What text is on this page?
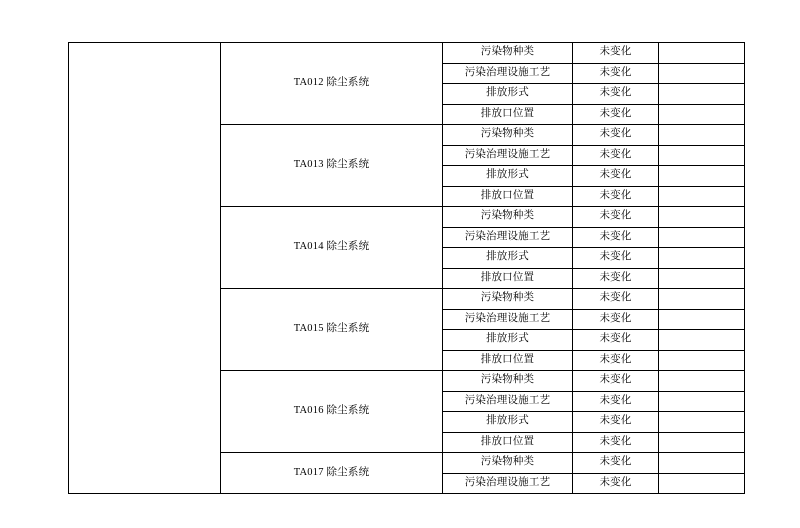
	TA012 除尘系统	污染物种类	未变化	
		污染治理设施工艺	未变化	
		排放形式	未变化	
		排放口位置	未变化	
	TA013 除尘系统	污染物种类	未变化	
		污染治理设施工艺	未变化	
		排放形式	未变化	
		排放口位置	未变化	
	TA014 除尘系统	污染物种类	未变化	
		污染治理设施工艺	未变化	
		排放形式	未变化	
		排放口位置	未变化	
	TA015 除尘系统	污染物种类	未变化	
		污染治理设施工艺	未变化	
		排放形式	未变化	
		排放口位置	未变化	
	TA016 除尘系统	污染物种类	未变化	
		污染治理设施工艺	未变化	
		排放形式	未变化	
		排放口位置	未变化	
	TA017 除尘系统	污染物种类	未变化	
		污染治理设施工艺	未变化	
